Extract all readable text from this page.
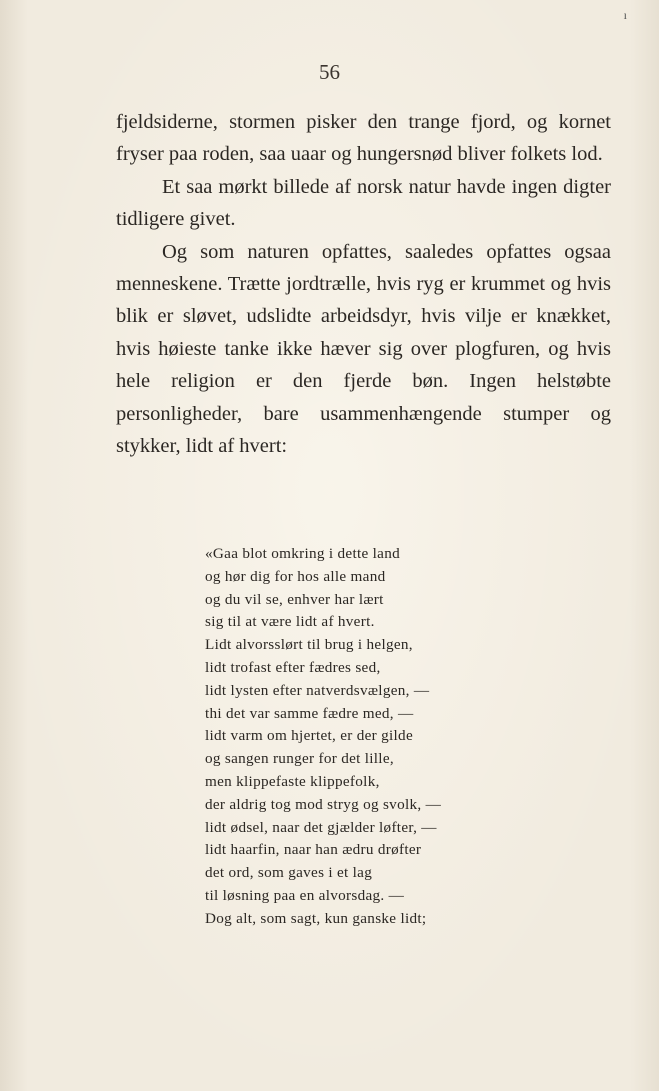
ı
56

fjeldsiderne, stormen pisker den trange fjord, og kornet fryser paa roden, saa uaar og hungersnød bliver folkets lod.

Et saa mørkt billede af norsk natur havde ingen digter tidligere givet.

Og som naturen opfattes, saaledes opfattes ogsaa menneskene. Trætte jordtrælle, hvis ryg er krummet og hvis blik er sløvet, udslidte arbeidsdyr, hvis vilje er knækket, hvis høieste tanke ikke hæver sig over plogfuren, og hvis hele religion er den fjerde bøn. Ingen helstøbte personligheder, bare usammenhængende stumper og stykker, lidt af hvert:

«Gaa blot omkring i dette land
og hør dig for hos alle mand
og du vil se, enhver har lært
sig til at være lidt af hvert.
Lidt alvorsslørt til brug i helgen,
lidt trofast efter fædres sed,
lidt lysten efter natverdsvælgen, —
thi det var samme fædre med, —
lidt varm om hjertet, er der gilde
og sangen runger for det lille,
men klippefaste klippefolk,
der aldrig tog mod stryg og svolk, —
lidt ødsel, naar det gjælder løfter, —
lidt haarfin, naar han ædru drøfter
det ord, som gaves i et lag
til løsning paa en alvorsdag. —
Dog alt, som sagt, kun ganske lidt;
